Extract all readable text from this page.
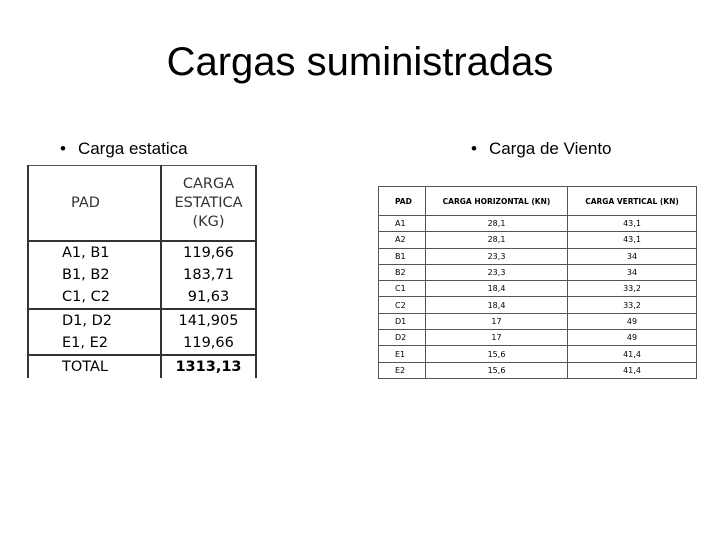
Cargas suministradas
• Carga estatica	• Carga de Viento
PAD	CARGA
ESTATICA
(KG)

A1, B1	119,66
B1, B2	183,71
C1, C2	91,63
D1, D2	141,905
E1, E2	119,66
TOTAL	1313,13
PAD	CARGA HORIZONTAL (KN)	CARGA VERTICAL (KN)
A1	28,1	43,1
A2	28,1	43,1
B1	23,3	34
B2	23,3	34
C1	18,4	33,2
C2	18,4	33,2
D1	17	49
D2	17	49
E1	15,6	41,4
E2	15,6	41,4
